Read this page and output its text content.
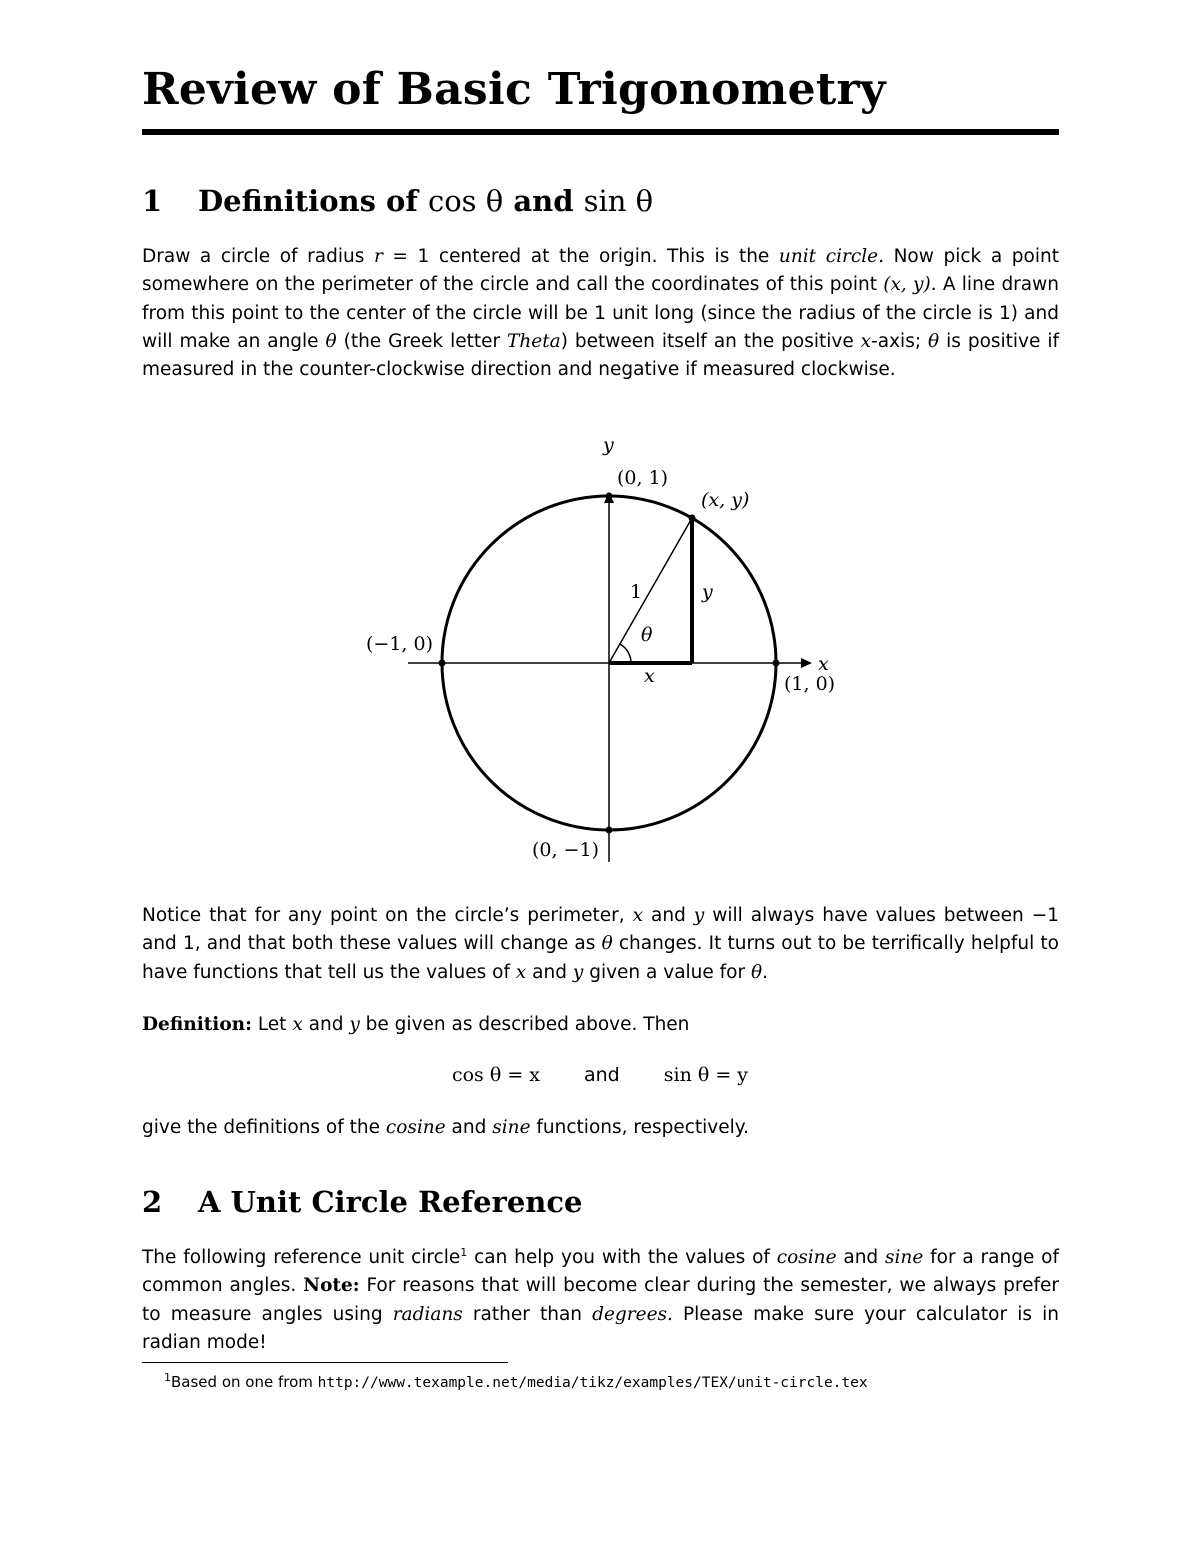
Review of Basic Trigonometry
1 Definitions of cos θ and sin θ

Draw a circle of radius r = 1 centered at the origin. This is the unit circle. Now pick a point somewhere on the perimeter of the circle and call the coordinates of this point (x, y). A line drawn from this point to the center of the circle will be 1 unit long (since the radius of the circle is 1) and will make an angle θ (the Greek letter Theta) between itself an the positive x-axis; θ is positive if measured in the counter-clockwise direction and negative if measured clockwise.

y
x
(0, 1)
(x, y)
(−1, 0)
(1, 0)
(0, −1)
1	y
x
θ

Notice that for any point on the circle’s perimeter, x and y will always have values between −1 and 1, and that both these values will change as θ changes. It turns out to be terrifically helpful to have functions that tell us the values of x and y given a value for θ.

Definition: Let x and y be given as described above. Then

cos θ = x and sin θ = y

give the definitions of the cosine and sine functions, respectively.

2 A Unit Circle Reference

The following reference unit circle$^1$ can help you with the values of cosine and sine for a range of common angles. Note: For reasons that will become clear during the semester, we always prefer to measure angles using radians rather than degrees. Please make sure your calculator is in radian mode!

$^1$Based on one from http://www.texample.net/media/tikz/examples/TEX/unit-circle.tex
